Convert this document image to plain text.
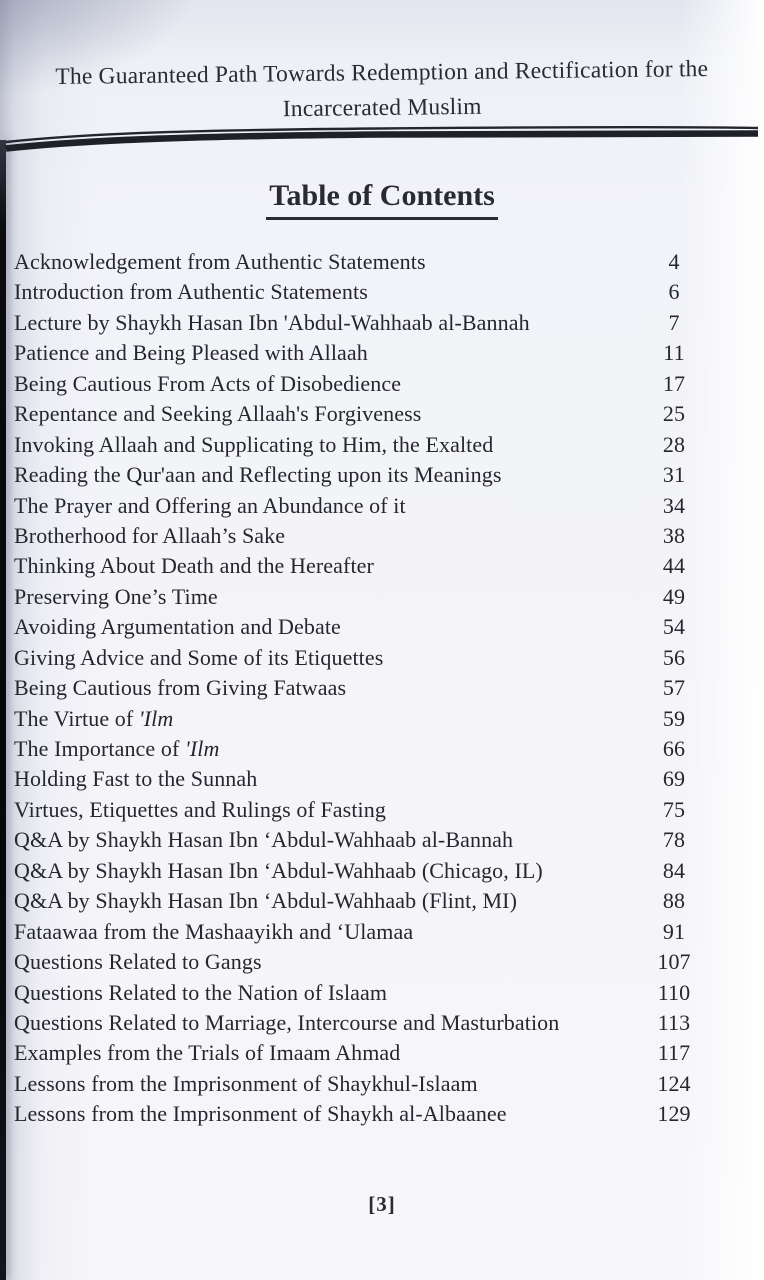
The Guaranteed Path Towards Redemption and Rectification for the
Incarcerated Muslim
Table of Contents
Acknowledgement from Authentic Statements	4
Introduction from Authentic Statements	6
Lecture by Shaykh Hasan Ibn 'Abdul-Wahhaab al-Bannah	7
Patience and Being Pleased with Allaah	11
Being Cautious From Acts of Disobedience	17
Repentance and Seeking Allaah's Forgiveness	25
Invoking Allaah and Supplicating to Him, the Exalted	28
Reading the Qur'aan and Reflecting upon its Meanings	31
The Prayer and Offering an Abundance of it	34
Brotherhood for Allaah’s Sake	38
Thinking About Death and the Hereafter	44
Preserving One’s Time	49
Avoiding Argumentation and Debate	54
Giving Advice and Some of its Etiquettes	56
Being Cautious from Giving Fatwaas	57
The Virtue of 'Ilm	59
The Importance of 'Ilm	66
Holding Fast to the Sunnah	69
Virtues, Etiquettes and Rulings of Fasting	75
Q&A by Shaykh Hasan Ibn ‘Abdul-Wahhaab al-Bannah	78
Q&A by Shaykh Hasan Ibn ‘Abdul-Wahhaab (Chicago, IL)	84
Q&A by Shaykh Hasan Ibn ‘Abdul-Wahhaab (Flint, MI)	88
Fataawaa from the Mashaayikh and ‘Ulamaa	91
Questions Related to Gangs	107
Questions Related to the Nation of Islaam	110
Questions Related to Marriage, Intercourse and Masturbation	113
Examples from the Trials of Imaam Ahmad	117
Lessons from the Imprisonment of Shaykhul-Islaam	124
Lessons from the Imprisonment of Shaykh al-Albaanee	129
[3]
